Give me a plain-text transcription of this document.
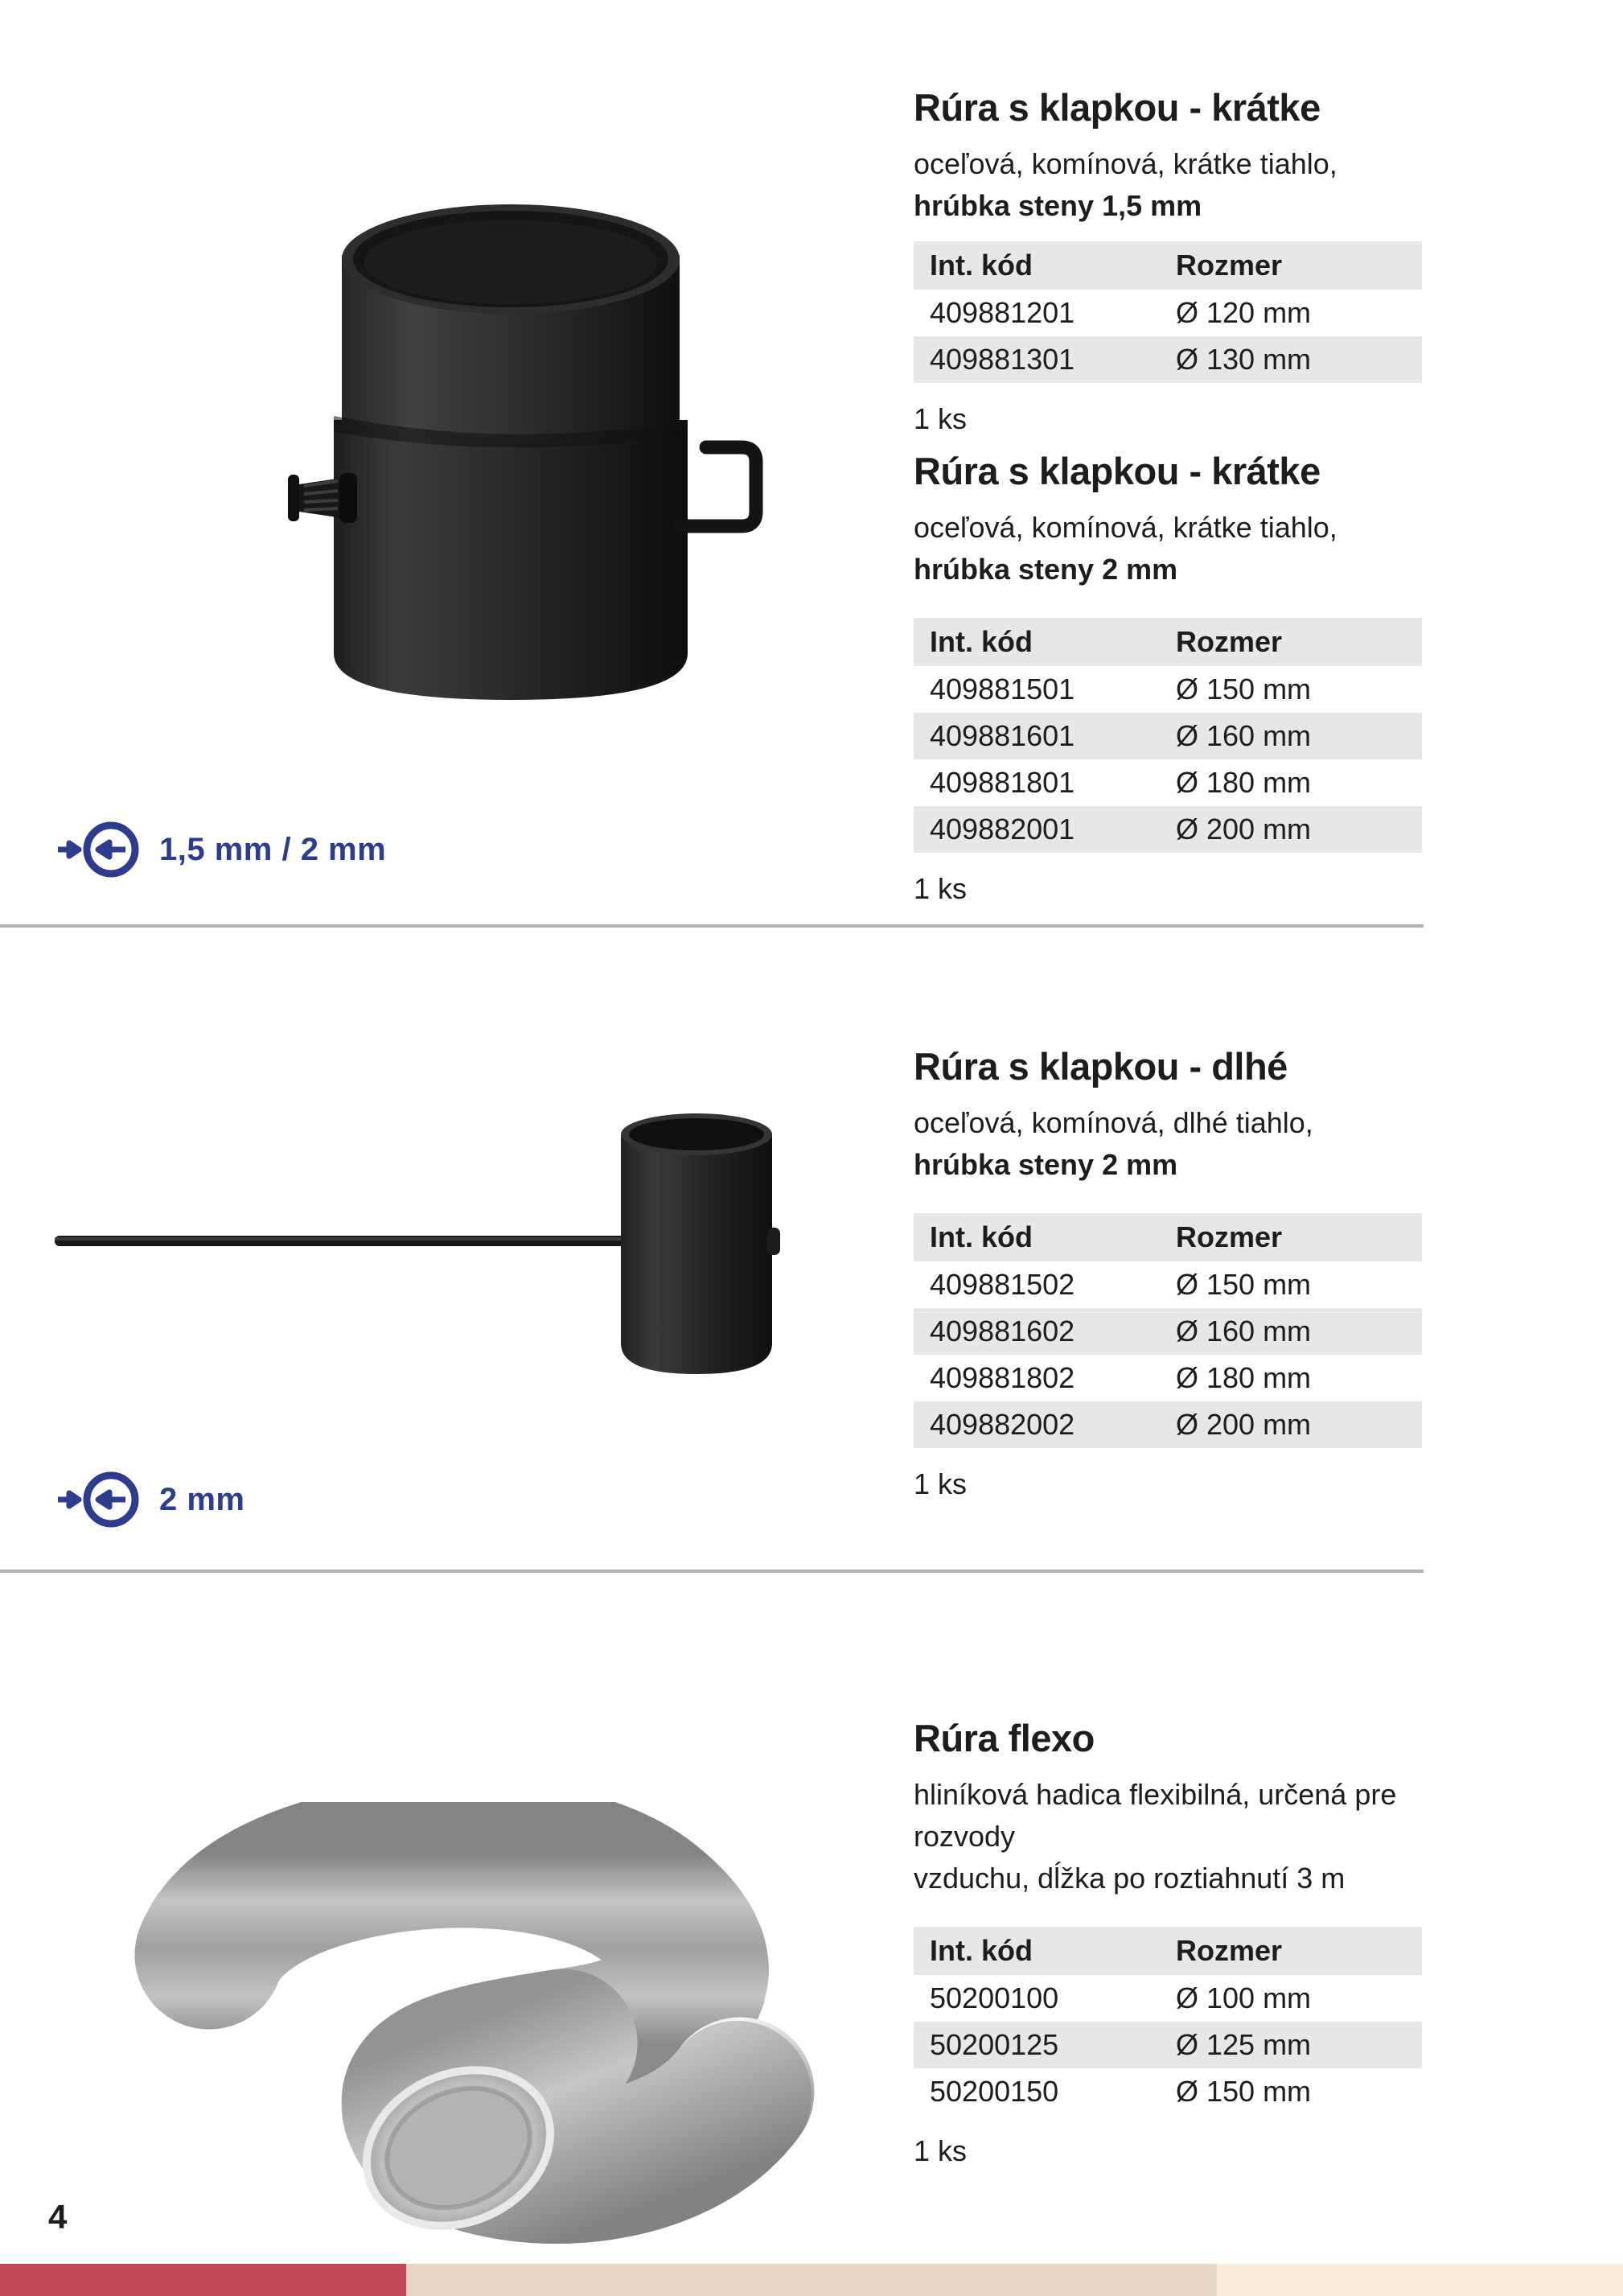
Rúra s klapkou - krátke
oceľová, komínová, krátke tiahlo,
hrúbka steny 1,5 mm
Int. kód	Rozmer
409881201	Ø 120 mm
409881301	Ø 130 mm
1 ks
Rúra s klapkou - krátke
oceľová, komínová, krátke tiahlo,
hrúbka steny 2 mm
Int. kód	Rozmer
409881501	Ø 150 mm
409881601	Ø 160 mm
409881801	Ø 180 mm
409882001	Ø 200 mm
1 ks
1,5 mm / 2 mm
Rúra s klapkou - dlhé
oceľová, komínová, dlhé tiahlo,
hrúbka steny 2 mm
Int. kód	Rozmer
409881502	Ø 150 mm
409881602	Ø 160 mm
409881802	Ø 180 mm
409882002	Ø 200 mm
1 ks
2 mm
Rúra flexo
hliníková hadica flexibilná, určená pre rozvody
vzduchu, dĺžka po roztiahnutí 3 m
Int. kód	Rozmer
50200100	Ø 100 mm
50200125	Ø 125 mm
50200150	Ø 150 mm
1 ks
4
